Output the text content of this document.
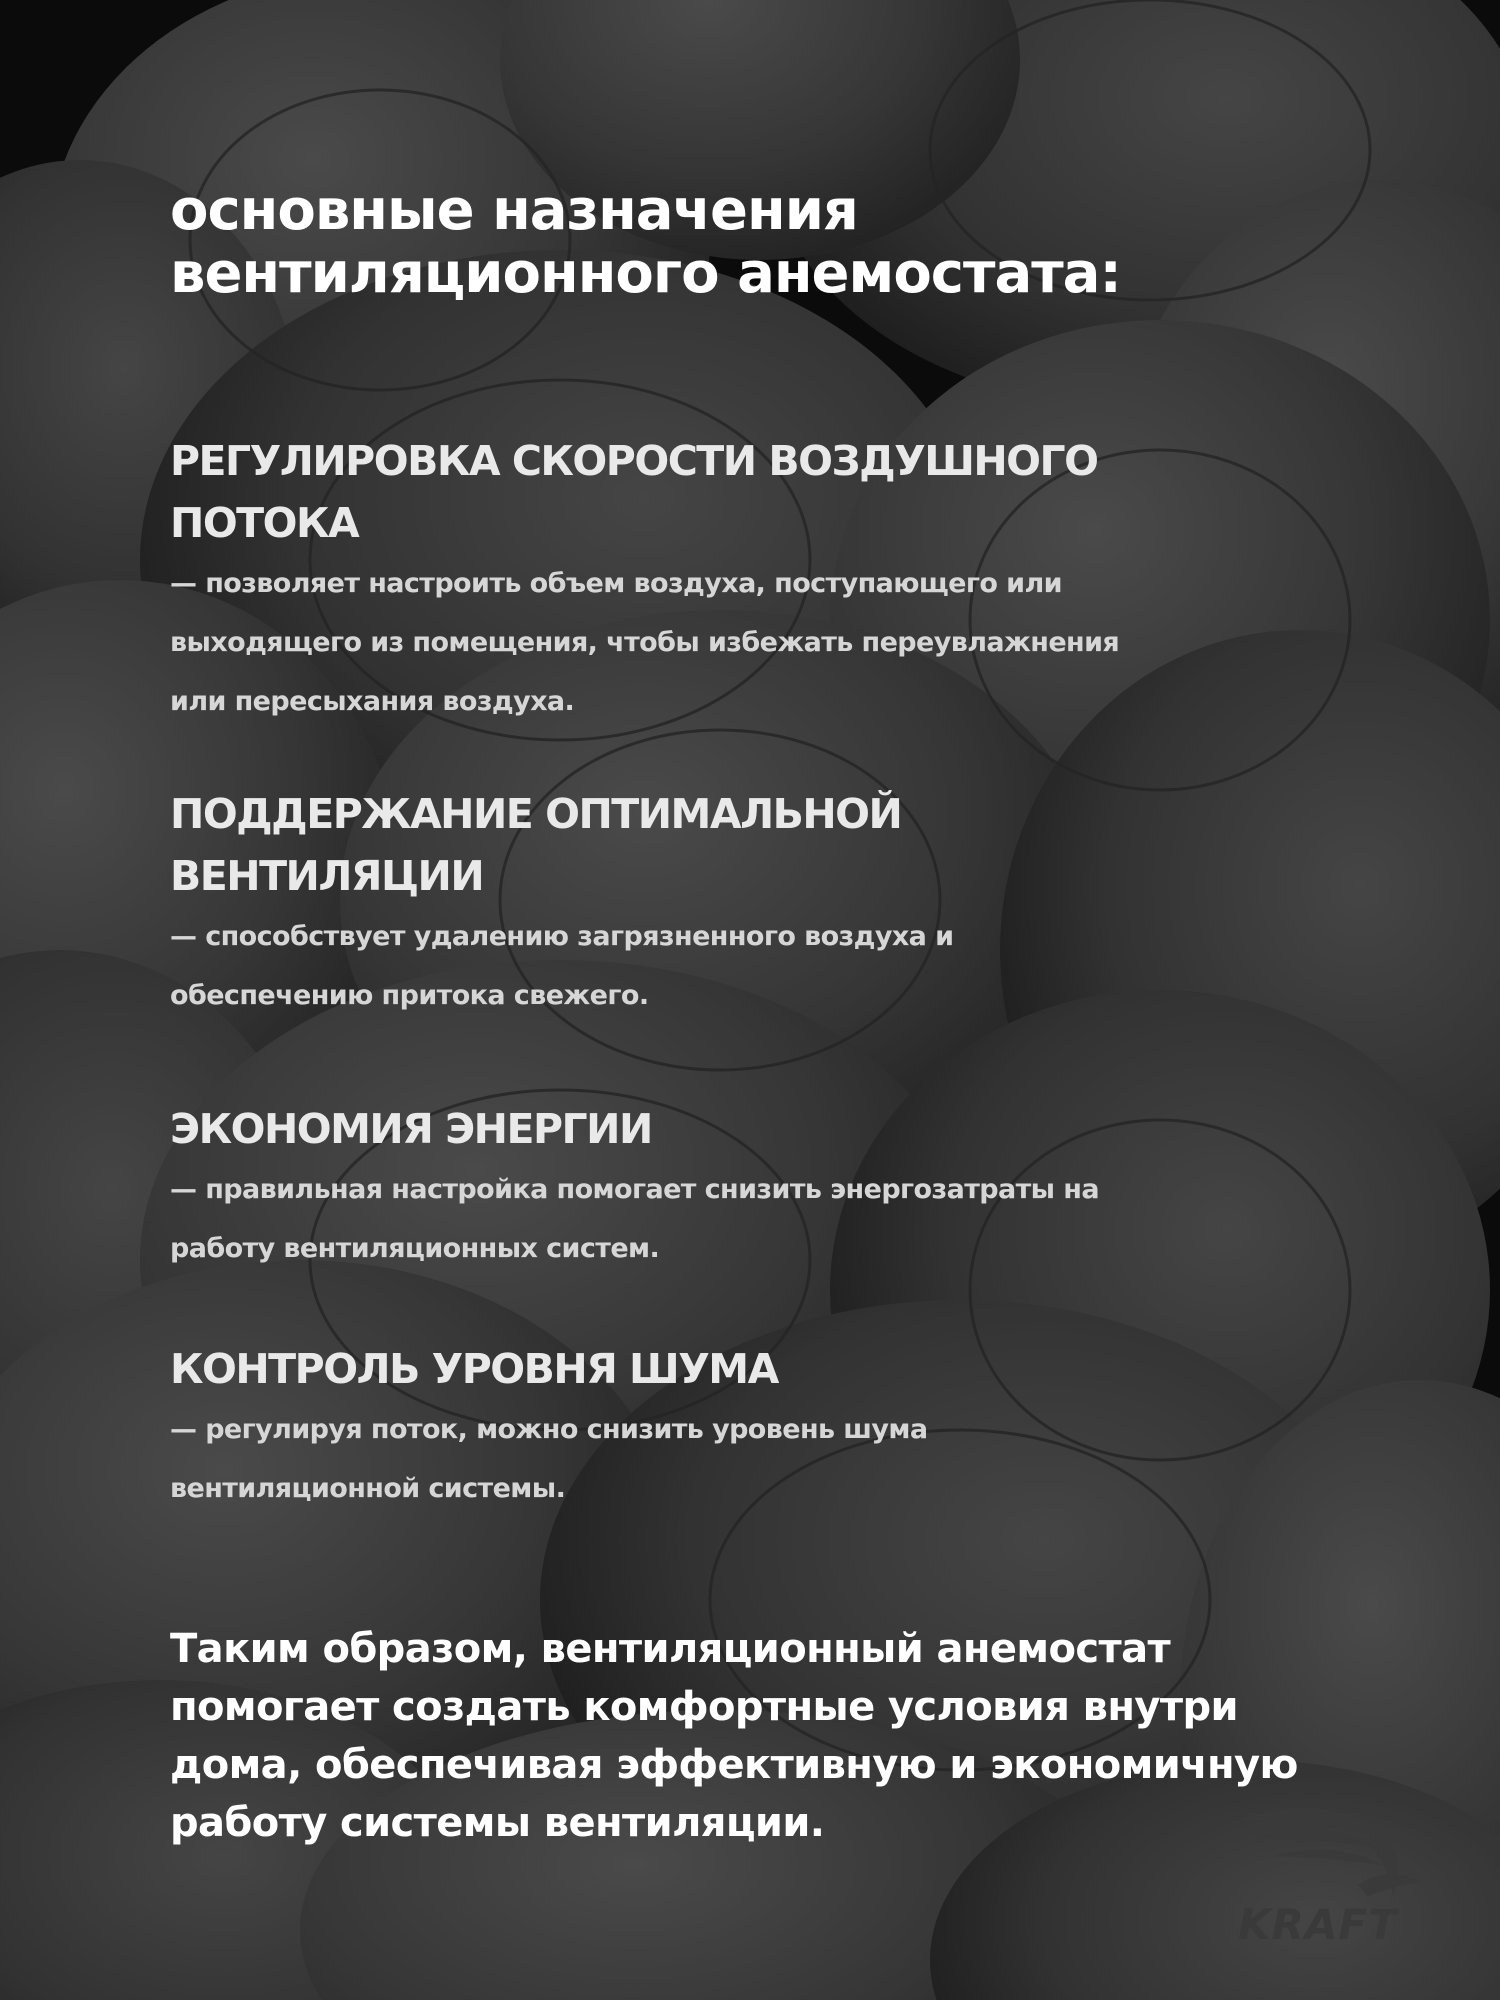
основные назначения
вентиляционного анемостата:
РЕГУЛИРОВКА СКОРОСТИ ВОЗДУШНОГО
ПОТОКА

— позволяет настроить объем воздуха, поступающего или
выходящего из помещения, чтобы избежать переувлажнения
или пересыхания воздуха.

ПОДДЕРЖАНИЕ ОПТИМАЛЬНОЙ
ВЕНТИЛЯЦИИ

— способствует удалению загрязненного воздуха и
обеспечению притока свежего.

ЭКОНОМИЯ ЭНЕРГИИ

— правильная настройка помогает снизить энергозатраты на
работу вентиляционных систем.

КОНТРОЛЬ УРОВНЯ ШУМА

— регулируя поток, можно снизить уровень шума
вентиляционной системы.

Таким образом, вентиляционный анемостат
помогает создать комфортные условия внутри
дома, обеспечивая эффективную и экономичную
работу системы вентиляции.

KRAFT
